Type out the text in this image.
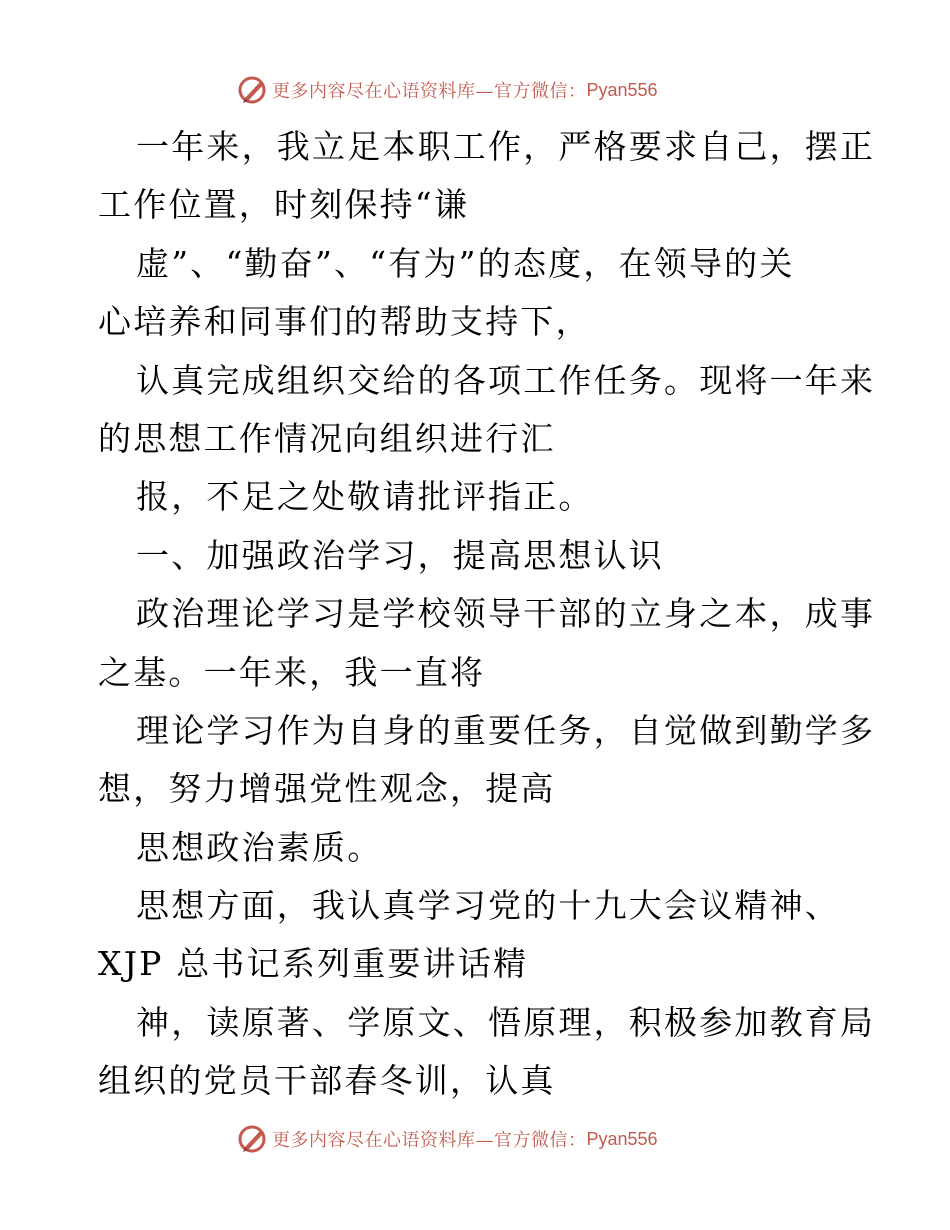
更多内容尽在心语资料库—官方微信： Pyan556
一年来，我立足本职工作，严格要求自己，摆正
工作位置，时刻保持“谦
虚”、“勤奋”、“有为”的态度，在领导的关
心培养和同事们的帮助支持下，
认真完成组织交给的各项工作任务。现将一年来
的思想工作情况向组织进行汇
报，不足之处敬请批评指正。
一、加强政治学习，提高思想认识
政治理论学习是学校领导干部的立身之本，成事
之基。一年来，我一直将
理论学习作为自身的重要任务，自觉做到勤学多
想，努力增强党性观念，提高
思想政治素质。
思想方面，我认真学习党的十九大会议精神、
XJP 总书记系列重要讲话精
神，读原著、学原文、悟原理，积极参加教育局
组织的党员干部春冬训，认真
更多内容尽在心语资料库—官方微信： Pyan556
